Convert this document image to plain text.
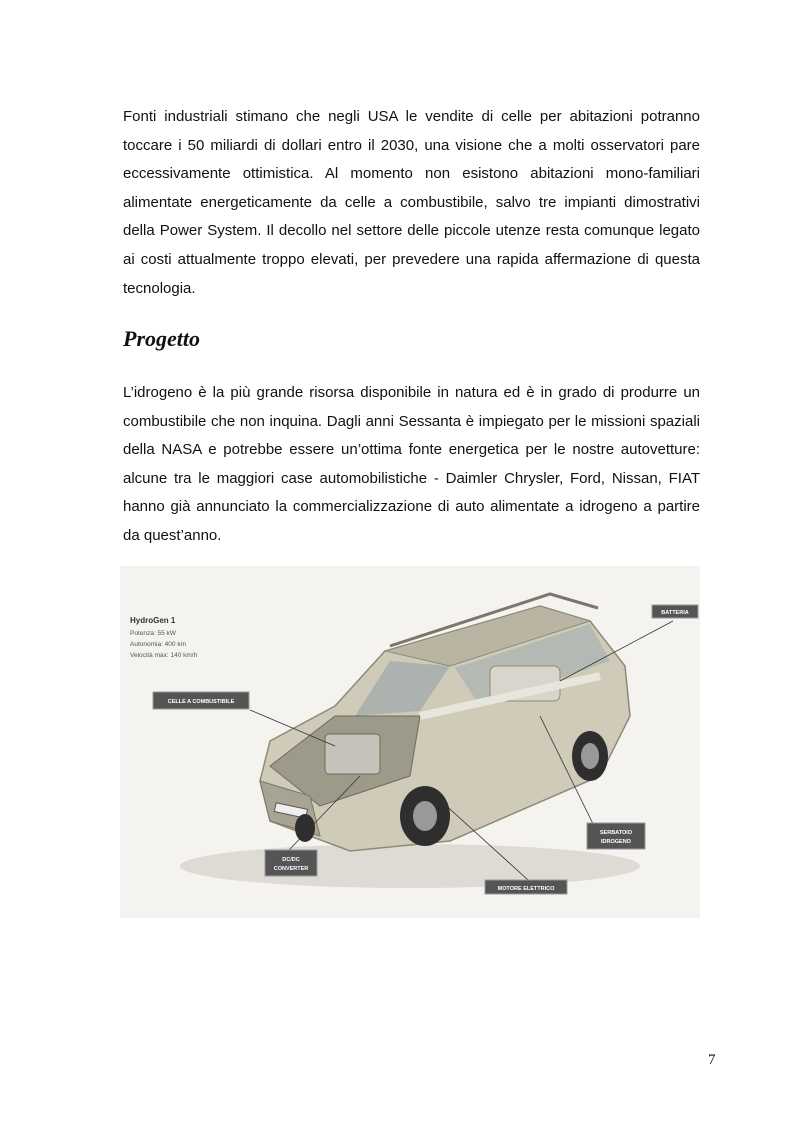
Fonti industriali stimano che negli USA le vendite di celle per abitazioni potranno toccare i 50 miliardi di dollari entro il 2030, una visione che a molti osservatori pare eccessivamente ottimistica. Al momento non esistono abitazioni mono-familiari alimentate energeticamente da celle a combustibile, salvo tre impianti dimostrativi della Power System. Il decollo nel settore delle piccole utenze resta comunque legato ai costi attualmente troppo elevati, per prevedere una rapida affermazione di questa tecnologia.

Progetto

L’idrogeno è la più grande risorsa disponibile in natura ed è in grado di produrre un combustibile che non inquina. Dagli anni Sessanta è impiegato per le missioni spaziali della NASA e potrebbe essere un’ottima fonte energetica per le nostre autovetture: alcune tra le maggiori case automobilistiche - Daimler Chrysler, Ford, Nissan, FIAT hanno già annunciato la commercializzazione di auto alimentate a idrogeno a partire da quest’anno.

HydroGen 1
Potenza: 55 kW
Autonomia: 400 km
Velocità max: 140 km/h
BATTERIA
CELLE A COMBUSTIBILE
DC/DC
CONVERTER
SERBATOIO
IDROGENO
MOTORE ELETTRICO

7
